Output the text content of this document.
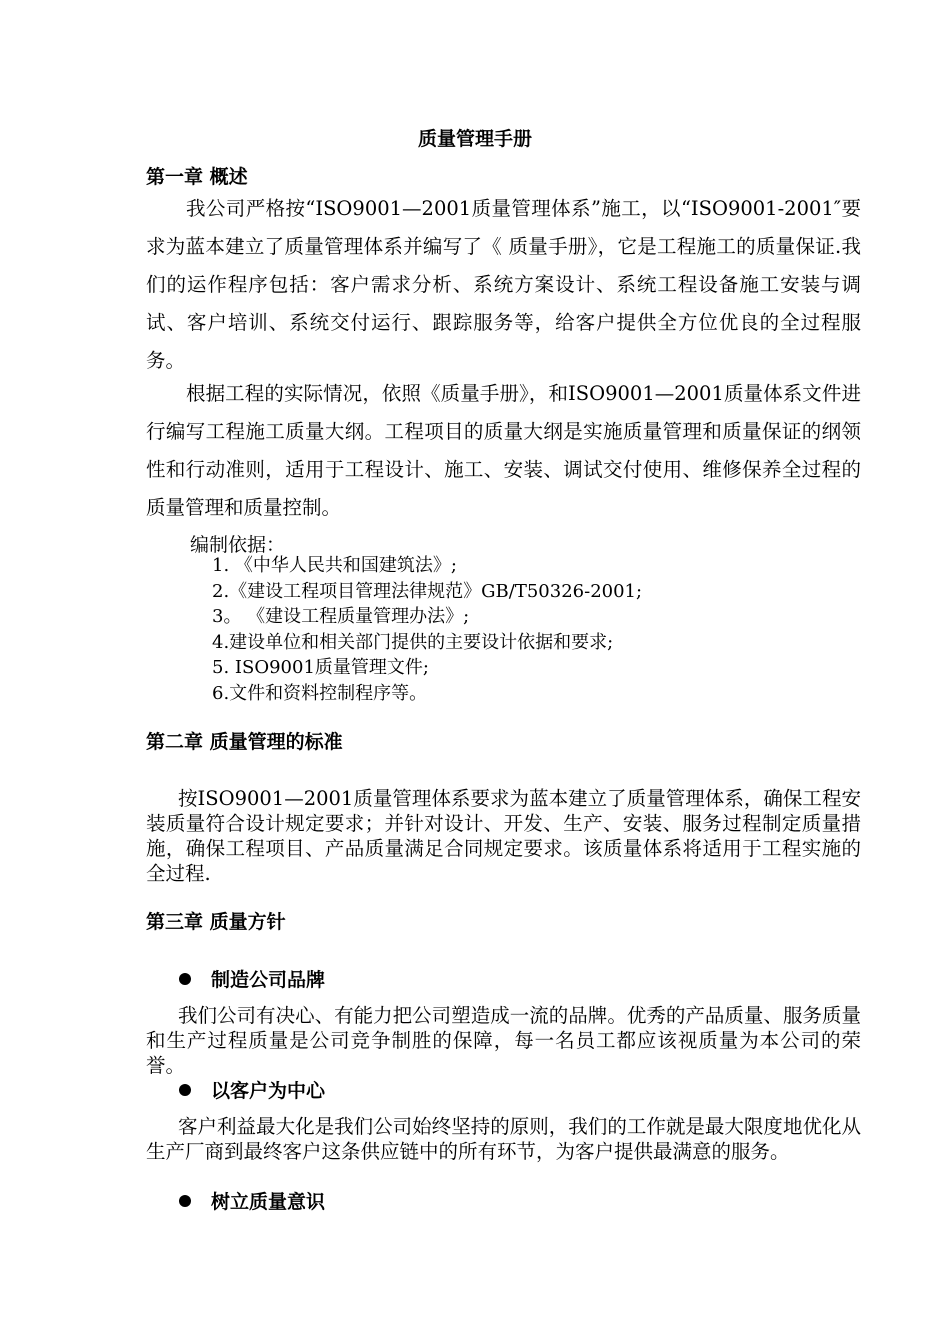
质量管理手册
第一章 概述

我公司严格按“ISO9001—2001质量管理体系”施工，以“ISO9001-2001″要求为蓝本建立了质量管理体系并编写了《 质量手册》，它是工程施工的质量保证.我们的运作程序包括：客户需求分析、系统方案设计、系统工程设备施工安装与调试、客户培训、系统交付运行、跟踪服务等，给客户提供全方位优良的全过程服务。

根据工程的实际情况，依照《质量手册》，和ISO9001—2001质量体系文件进行编写工程施工质量大纲。工程项目的质量大纲是实施质量管理和质量保证的纲领性和行动准则，适用于工程设计、施工、安装、调试交付使用、维修保养全过程的质量管理和质量控制。

编制依据：
1. 《中华人民共和国建筑法》;
2.《建设工程项目管理法律规范》GB/T50326-2001;
3。 《建设工程质量管理办法》;
4.建设单位和相关部门提供的主要设计依据和要求;
5. ISO9001质量管理文件;
6.文件和资料控制程序等。
第二章 质量管理的标准

按ISO9001—2001质量管理体系要求为蓝本建立了质量管理体系，确保工程安装质量符合设计规定要求；并针对设计、开发、生产、安装、服务过程制定质量措施，确保工程项目、产品质量满足合同规定要求。该质量体系将适用于工程实施的全过程.

第三章 质量方针
制造公司品牌

我们公司有决心、有能力把公司塑造成一流的品牌。优秀的产品质量、服务质量和生产过程质量是公司竞争制胜的保障，每一名员工都应该视质量为本公司的荣誉。

以客户为中心

客户利益最大化是我们公司始终坚持的原则，我们的工作就是最大限度地优化从生产厂商到最终客户这条供应链中的所有环节，为客户提供最满意的服务。

树立质量意识
